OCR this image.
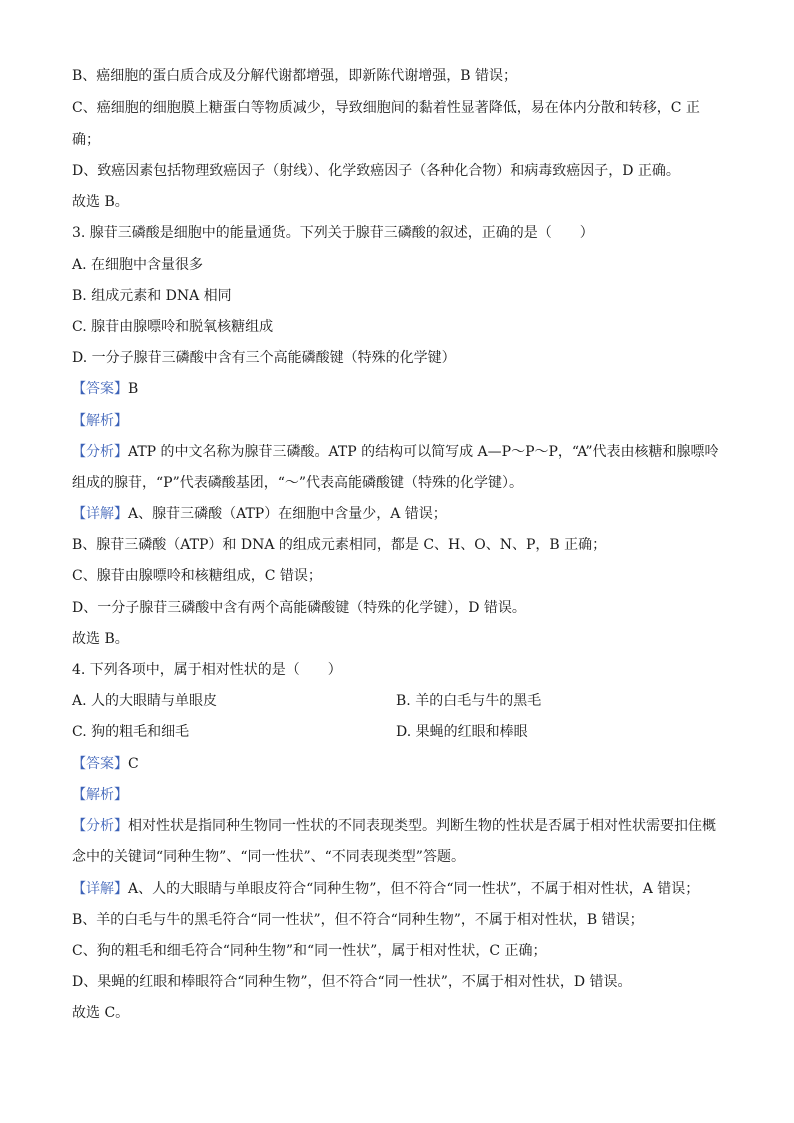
B、癌细胞的蛋白质合成及分解代谢都增强，即新陈代谢增强，B 错误；
C、癌细胞的细胞膜上糖蛋白等物质减少，导致细胞间的黏着性显著降低，易在体内分散和转移，C 正
确；
D、致癌因素包括物理致癌因子（射线）、化学致癌因子（各种化合物）和病毒致癌因子，D 正确。
故选 B。
3. 腺苷三磷酸是细胞中的能量通货。下列关于腺苷三磷酸的叙述，正确的是（　　）
A. 在细胞中含量很多
B. 组成元素和 DNA 相同
C. 腺苷由腺嘌呤和脱氧核糖组成
D. 一分子腺苷三磷酸中含有三个高能磷酸键（特殊的化学键）
【答案】B
【解析】
【分析】ATP 的中文名称为腺苷三磷酸。ATP 的结构可以简写成 A—P～P～P，“A”代表由核糖和腺嘌呤
组成的腺苷，“P”代表磷酸基团，“～”代表高能磷酸键（特殊的化学键）。
【详解】A、腺苷三磷酸（ATP）在细胞中含量少，A 错误；
B、腺苷三磷酸（ATP）和 DNA 的组成元素相同，都是 C、H、O、N、P，B 正确；
C、腺苷由腺嘌呤和核糖组成，C 错误；
D、一分子腺苷三磷酸中含有两个高能磷酸键（特殊的化学键），D 错误。
故选 B。
4. 下列各项中，属于相对性状的是（　　）
A. 人的大眼睛与单眼皮	B. 羊的白毛与牛的黑毛
C. 狗的粗毛和细毛	D. 果蝇的红眼和棒眼
【答案】C
【解析】
【分析】相对性状是指同种生物同一性状的不同表现类型。判断生物的性状是否属于相对性状需要扣住概
念中的关键词“同种生物”、“同一性状”、“不同表现类型”答题。
【详解】A、人的大眼睛与单眼皮符合“同种生物”，但不符合“同一性状”，不属于相对性状，A 错误；
B、羊的白毛与牛的黑毛符合“同一性状”，但不符合“同种生物”，不属于相对性状，B 错误；
C、狗的粗毛和细毛符合“同种生物”和“同一性状”，属于相对性状，C 正确；
D、果蝇的红眼和棒眼符合“同种生物”，但不符合“同一性状”，不属于相对性状，D 错误。
故选 C。
